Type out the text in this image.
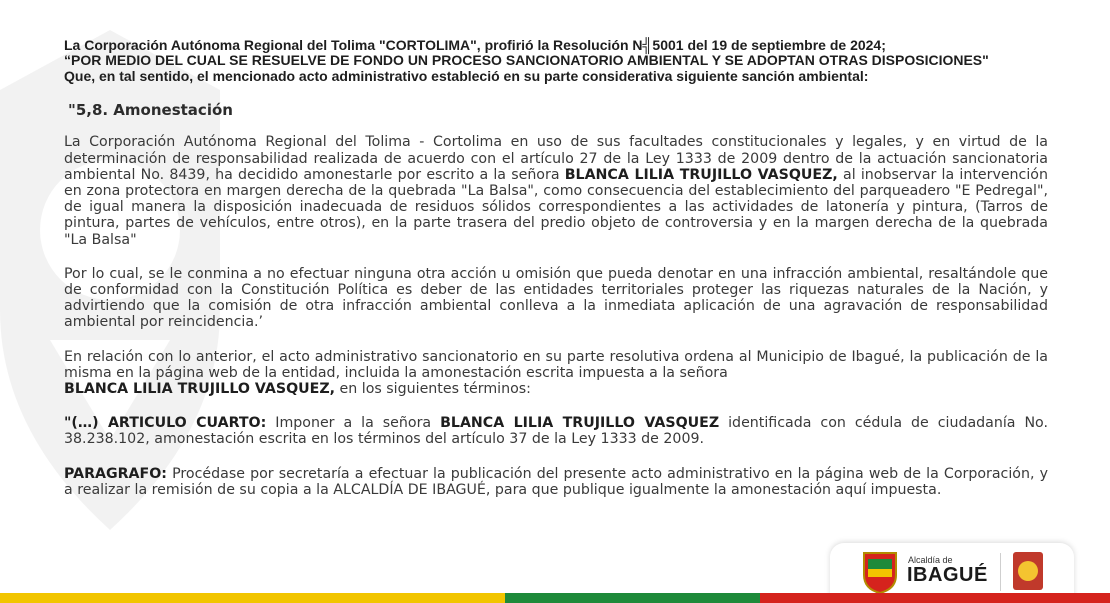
La Corporación Autónoma Regional del Tolima "CORTOLIMA", profirió la Resolución N╣5001 del 19 de septiembre de 2024;

“POR MEDIO DEL CUAL SE RESUELVE DE FONDO UN PROCESO SANCIONATORIO AMBIENTAL Y SE ADOPTAN OTRAS DISPOSICIONES"

Que, en tal sentido, el mencionado acto administrativo estableció en su parte considerativa siguiente sanción ambiental:

"5,8. Amonestación

La Corporación Autónoma Regional del Tolima - Cortolima en uso de sus facultades constitucionales y legales, y en virtud de la determinación de responsabilidad realizada de acuerdo con el artículo 27 de la Ley 1333 de 2009 dentro de la actuación sancionatoria ambiental No. 8439, ha decidido amonestarle por escrito a la señora BLANCA LILIA TRUJILLO VASQUEZ, al inobservar la intervención en zona protectora en margen derecha de la quebrada "La Balsa", como consecuencia del establecimiento del parqueadero "E Pedregal", de igual manera la disposición inadecuada de residuos sólidos correspondientes a las actividades de latonería y pintura, (Tarros de pintura, partes de vehículos, entre otros), en la parte trasera del predio objeto de controversia y en la margen derecha de la quebrada "La Balsa"

Por lo cual, se le conmina a no efectuar ninguna otra acción u omisión que pueda denotar en una infracción ambiental, resaltándole que de conformidad con la Constitución Política es deber de las entidades territoriales proteger las riquezas naturales de la Nación, y advirtiendo que la comisión de otra infracción ambiental conlleva a la inmediata aplicación de una agravación de responsabilidad ambiental por reincidencia.’

En relación con lo anterior, el acto administrativo sancionatorio en su parte resolutiva ordena al Municipio de Ibagué, la publicación de la misma en la página web de la entidad, incluida la amonestación escrita impuesta a la señora
BLANCA LILIA TRUJILLO VASQUEZ, en los siguientes términos:

"(…) ARTICULO CUARTO: Imponer a la señora BLANCA LILIA TRUJILLO VASQUEZ identificada con cédula de ciudadanía No. 38.238.102, amonestación escrita en los términos del artículo 37 de la Ley 1333 de 2009.

PARAGRAFO: Procédase por secretaría a efectuar la publicación del presente acto administrativo en la página web de la Corporación, y a realizar la remisión de su copia a la ALCALDÍA DE IBAGUÉ, para que publique igualmente la amonestación aquí impuesta.

Alcaldía de
IBAGUÉ
